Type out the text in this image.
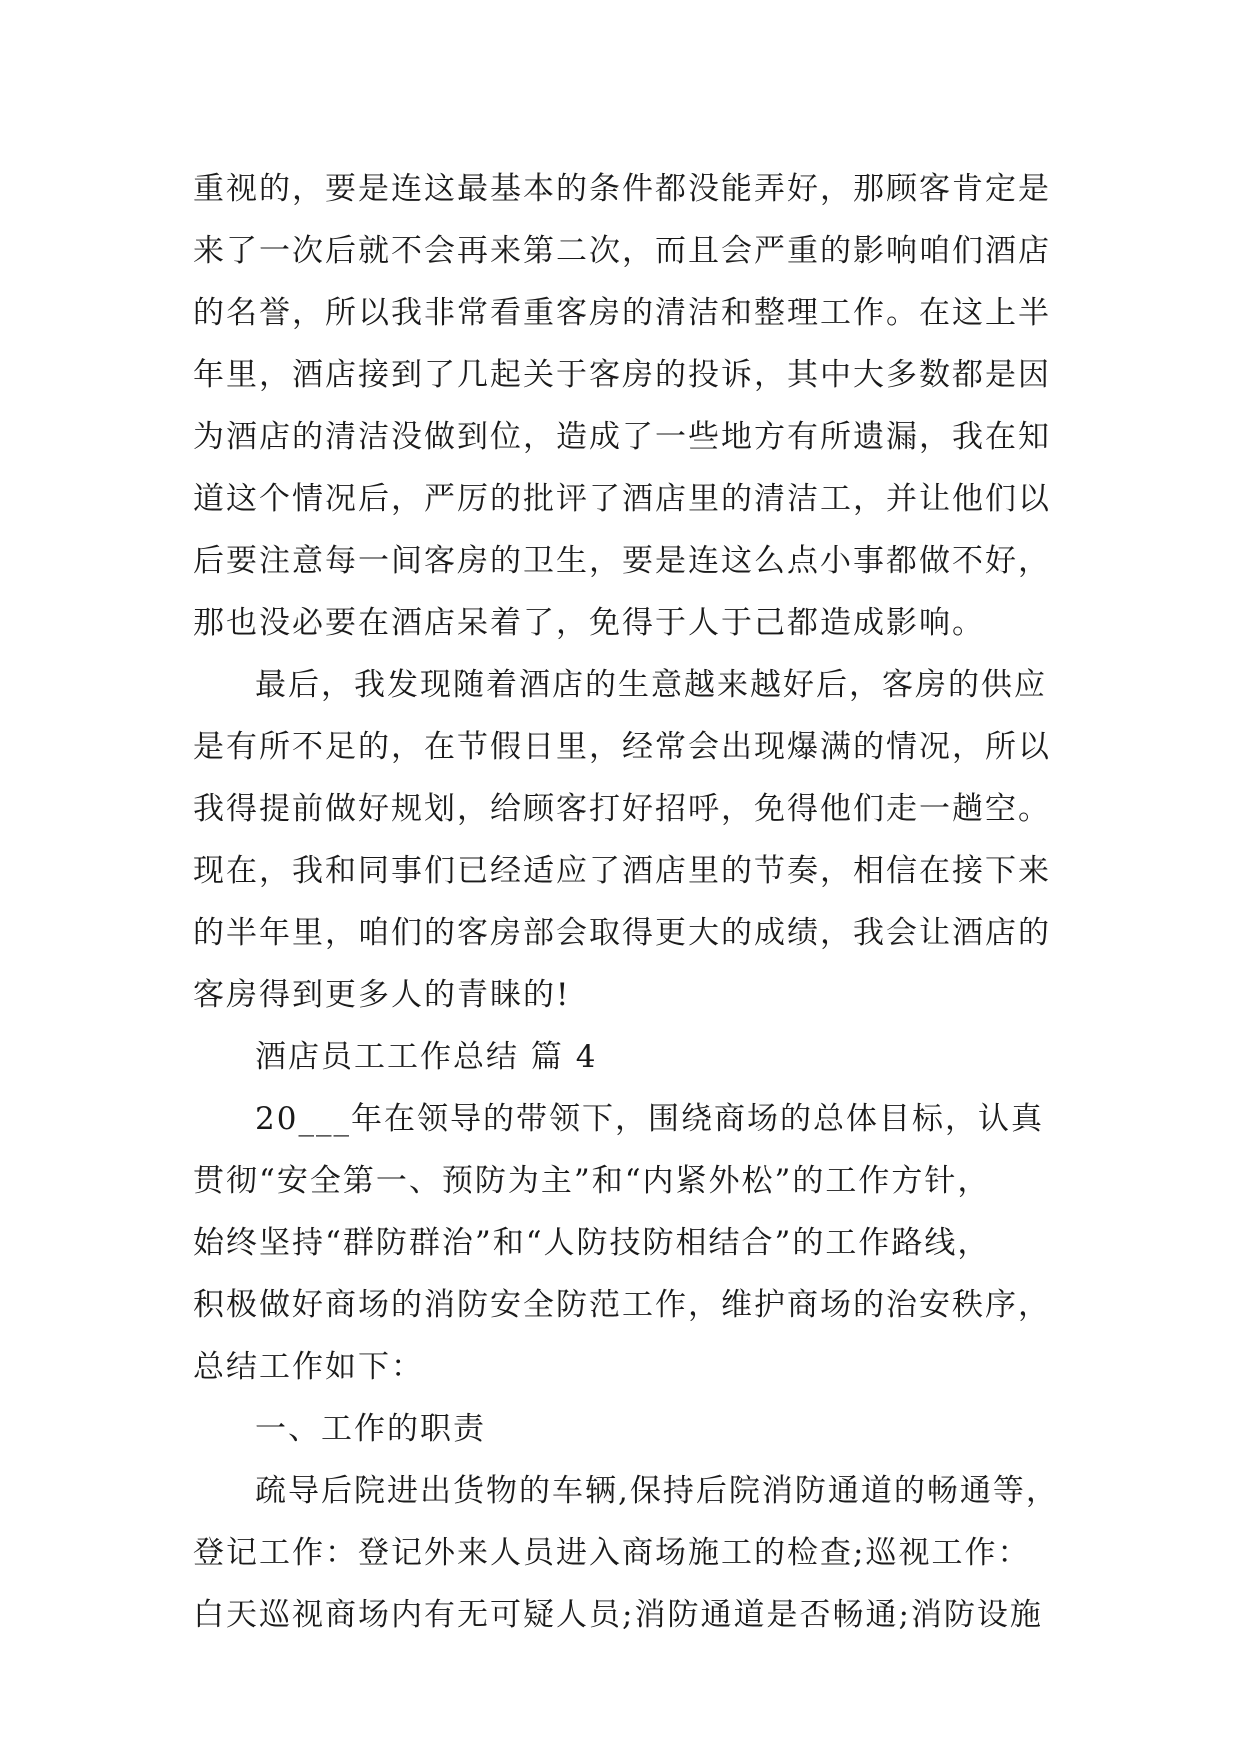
重视的，要是连这最基本的条件都没能弄好，那顾客肯定是
来了一次后就不会再来第二次，而且会严重的影响咱们酒店
的名誉，所以我非常看重客房的清洁和整理工作。在这上半
年里，酒店接到了几起关于客房的投诉，其中大多数都是因
为酒店的清洁没做到位，造成了一些地方有所遗漏，我在知
道这个情况后，严厉的批评了酒店里的清洁工，并让他们以
后要注意每一间客房的卫生，要是连这么点小事都做不好，
那也没必要在酒店呆着了，免得于人于己都造成影响。
最后，我发现随着酒店的生意越来越好后，客房的供应
是有所不足的，在节假日里，经常会出现爆满的情况，所以
我得提前做好规划，给顾客打好招呼，免得他们走一趟空。
现在，我和同事们已经适应了酒店里的节奏，相信在接下来
的半年里，咱们的客房部会取得更大的成绩，我会让酒店的
客房得到更多人的青睐的!
酒店员工工作总结 篇 4
20___年在领导的带领下，围绕商场的总体目标，认真
贯彻“安全第一、预防为主”和“内紧外松”的工作方针，
始终坚持“群防群治”和“人防技防相结合”的工作路线，
积极做好商场的消防安全防范工作，维护商场的治安秩序，
总结工作如下：
一、工作的职责
疏导后院进出货物的车辆,保持后院消防通道的畅通等，
登记工作：登记外来人员进入商场施工的检查;巡视工作：
白天巡视商场内有无可疑人员;消防通道是否畅通;消防设施
